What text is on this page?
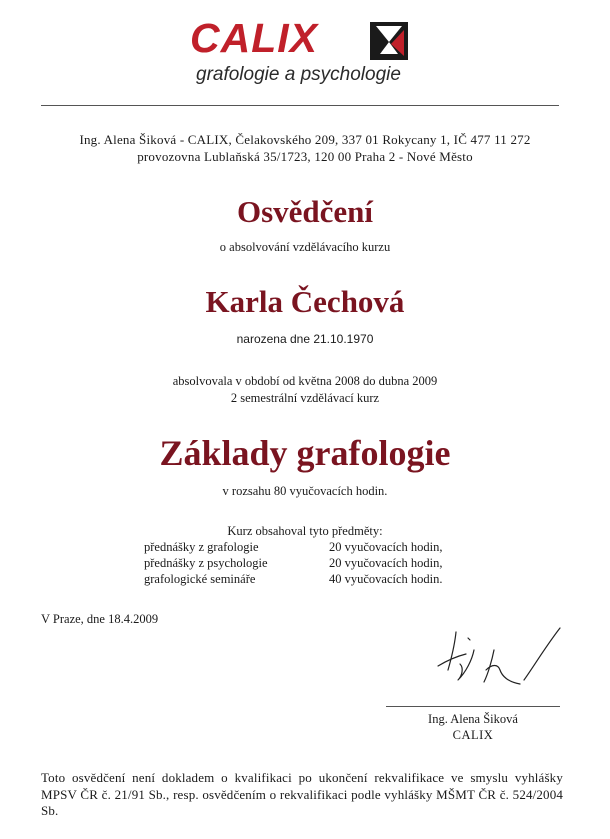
CALIX
grafologie a psychologie
Ing. Alena Šiková - CALIX, Čelakovského 209, 337 01 Rokycany 1, IČ 477 11 272
provozovna Lublaňská 35/1723, 120 00 Praha 2 - Nové Město
Osvědčení
o absolvování vzdělávacího kurzu
Karla Čechová
narozena dne 21.10.1970
absolvovala v období od května 2008 do dubna 2009
2 semestrální vzdělávací kurz
Základy grafologie
v rozsahu 80 vyučovacích hodin.
Kurz obsahoval tyto předměty:
přednášky z grafologie	20 vyučovacích hodin,
přednášky z psychologie	20 vyučovacích hodin,
grafologické semináře	40 vyučovacích hodin.
V Praze, dne 18.4.2009
Ing. Alena Šiková
CALIX
Toto osvědčení není dokladem o kvalifikaci po ukončení rekvalifikace ve smyslu vyhlášky MPSV ČR č. 21/91 Sb., resp. osvědčením o rekvalifikaci podle vyhlášky MŠMT ČR č. 524/2004 Sb.
